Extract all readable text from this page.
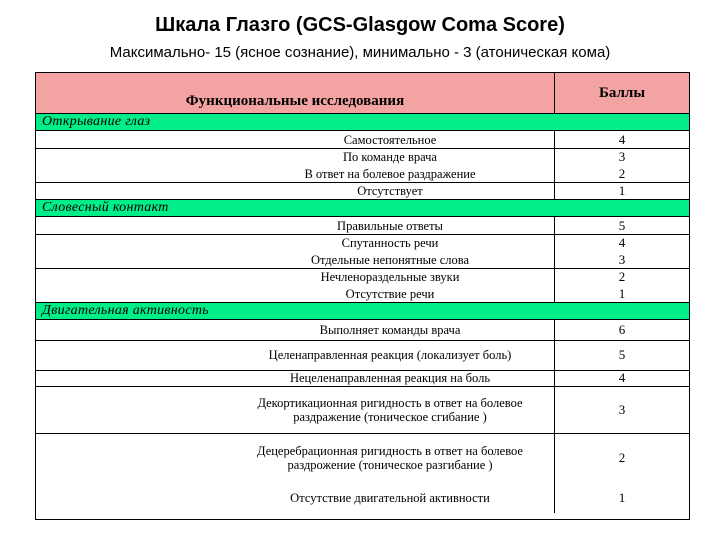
Шкала Глазго (GCS-Glasgow Coma Score)
Максимально- 15 (ясное сознание), минимально - 3 (атоническая кома)
Функциональные исследования
Баллы
Открывание глаз
Самостоятельное	4
По команде врача	3
В ответ на болевое раздражение	2
Отсутствует	1
Словесный контакт
Правильные ответы	5
Спутанность речи	4
Отдельные непонятные слова	3
Нечленораздельные звуки	2
Отсутствие речи	1
Двигательная активность
Выполняет команды врача	6
Целенаправленная реакция (локализует боль)	5
Нецеленаправленная реакция на боль	4
Декортикационная ригидность в ответ на болевое раздражение (тоническое сгибание )	3
Децеребрационная ригидность в ответ на болевое раздрожение (тоническое разгибание )	2
Отсутствие двигательной активности	1
